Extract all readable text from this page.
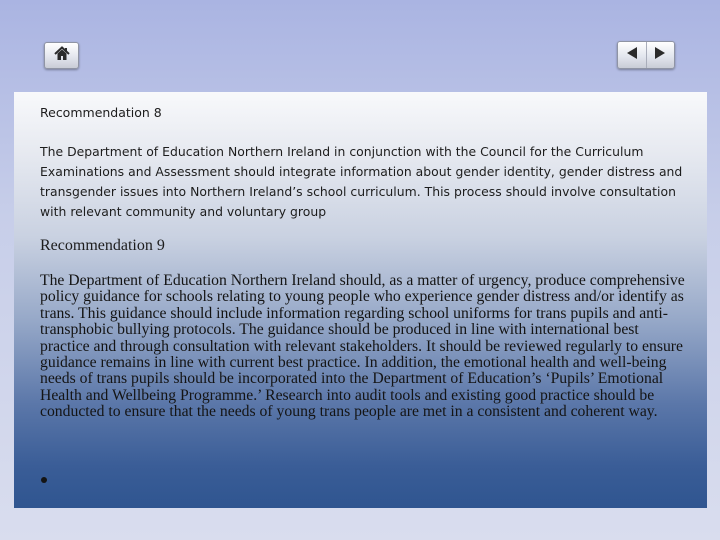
Recommendation 8
The Department of Education Northern Ireland in conjunction with the Council for the Curriculum Examinations and Assessment should integrate information about gender identity, gender distress and transgender issues into Northern Ireland’s school curriculum. This process should involve consultation with relevant community and voluntary group
Recommendation 9
The Department of Education Northern Ireland should, as a matter of urgency, produce comprehensive policy guidance for schools relating to young people who experience gender distress and/or identify as trans. This guidance should include information regarding school uniforms for trans pupils and anti-transphobic bullying protocols. The guidance should be produced in line with international best practice and through consultation with relevant stakeholders. It should be reviewed regularly to ensure guidance remains in line with current best practice. In addition, the emotional health and well-being needs of trans pupils should be incorporated into the Department of Education’s ‘Pupils’ Emotional Health and Wellbeing Programme.’ Research into audit tools and existing good practice should be conducted to ensure that the needs of young trans people are met in a consistent and coherent way.
